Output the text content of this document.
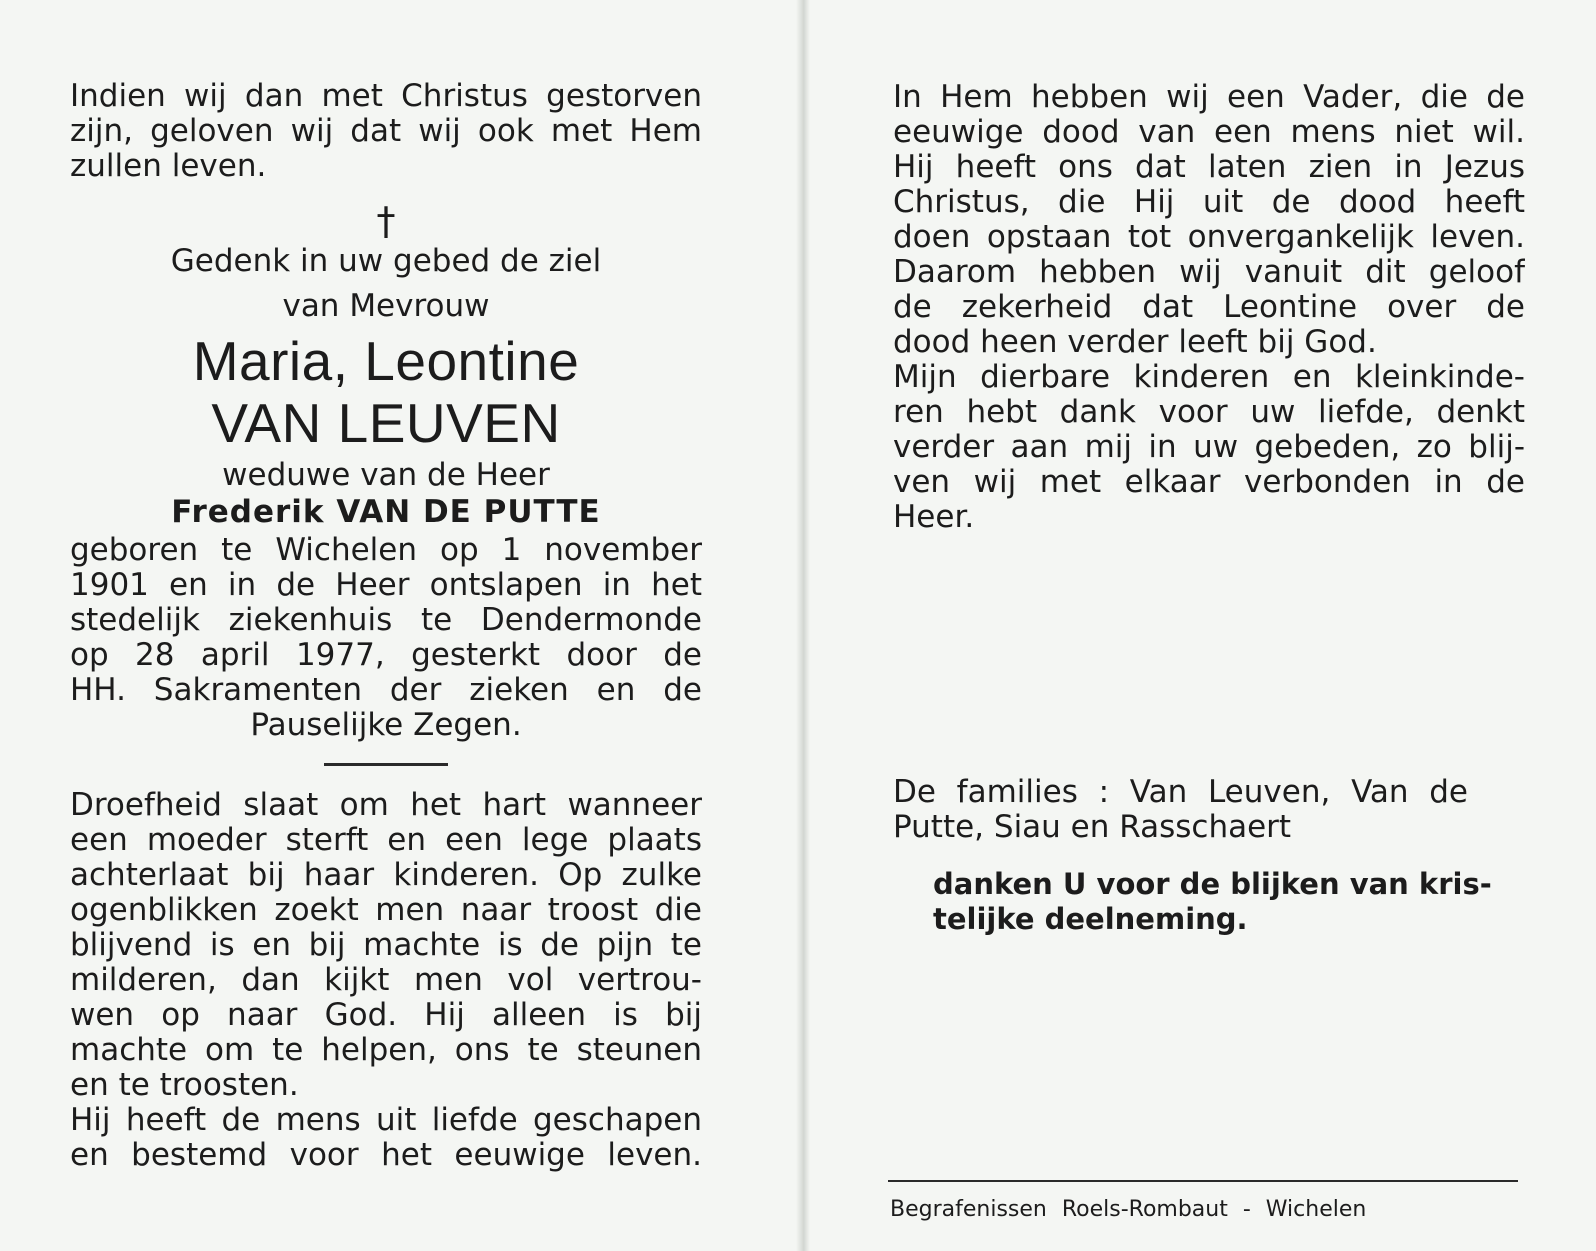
Indien wij dan met Christus gestorven

zijn, geloven wij dat wij ook met Hem

zullen leven.

†

Gedenk in uw gebed de ziel

van Mevrouw

Maria, Leontine

VAN LEUVEN

weduwe van de Heer

Frederik VAN DE PUTTE

geboren te Wichelen op 1 november

1901 en in de Heer ontslapen in het

stedelijk ziekenhuis te Dendermonde

op 28 april 1977, gesterkt door de

HH. Sakramenten der zieken en de

Pauselijke Zegen.

Droefheid slaat om het hart wanneer

een moeder sterft en een lege plaats

achterlaat bij haar kinderen. Op zulke

ogenblikken zoekt men naar troost die

blijvend is en bij machte is de pijn te

milderen, dan kijkt men vol vertrou-

wen op naar God. Hij alleen is bij

machte om te helpen, ons te steunen

en te troosten.

Hij heeft de mens uit liefde geschapen

en bestemd voor het eeuwige leven.

In Hem hebben wij een Vader, die de

eeuwige dood van een mens niet wil.

Hij heeft ons dat laten zien in Jezus

Christus, die Hij uit de dood heeft

doen opstaan tot onvergankelijk leven.

Daarom hebben wij vanuit dit geloof

de zekerheid dat Leontine over de

dood heen verder leeft bij God.

Mijn dierbare kinderen en kleinkinde-

ren hebt dank voor uw liefde, denkt

verder aan mij in uw gebeden, zo blij-

ven wij met elkaar verbonden in de

Heer.

De families : Van Leuven, Van de

Putte, Siau en Rasschaert

danken U voor de blijken van kris-

telijke deelneming.

Begrafenissen Roels-Rombaut - Wichelen
